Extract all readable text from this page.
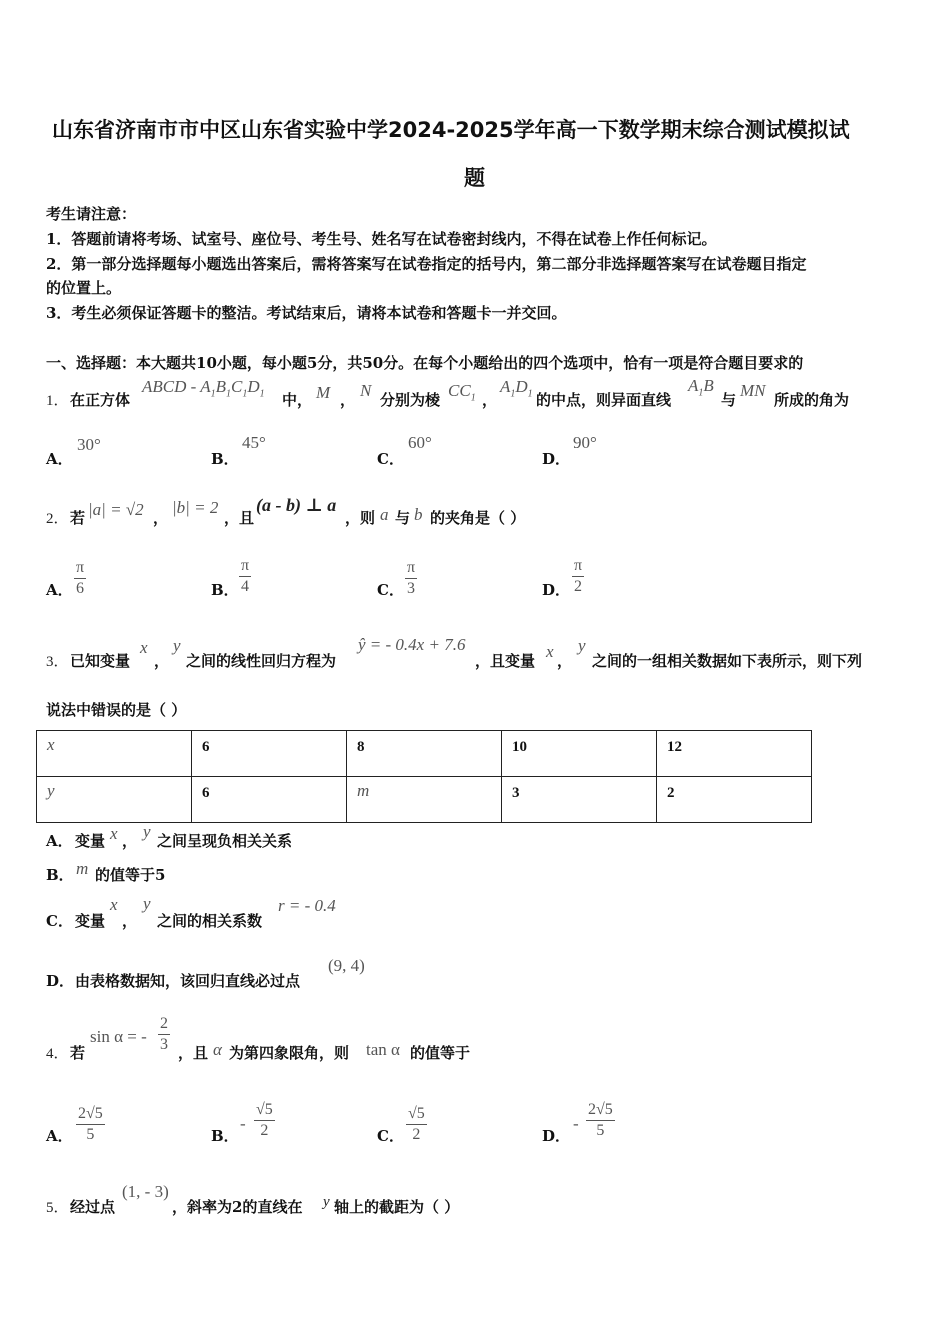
山东省济南市市中区山东省实验中学2024-2025学年高一下数学期末综合测试模拟试
题
考生请注意：
1．答题前请将考场、试室号、座位号、考生号、姓名写在试卷密封线内，不得在试卷上作任何标记。
2．第一部分选择题每小题选出答案后，需将答案写在试卷指定的括号内，第二部分非选择题答案写在试卷题目指定
的位置上。
3．考生必须保证答题卡的整洁。考试结束后，请将本试卷和答题卡一并交回。
一、选择题：本大题共10小题，每小题5分，共50分。在每个小题给出的四个选项中，恰有一项是符合题目要求的
1． 在正方体
ABCD - $A_1B_1C_1D_1$ 中， M ， N 分别为棱 $CC_1$ ，
$A_1D_1$ 的中点，则异面直线
$A_1B$
与 MN 所成的角为
A．
30°
B．
45°
C．
60°
D．
90°
2． 若 |a| = √2 ，
|b| = 2
，且
(a - b) ⊥ a
，则 a 与 b 的夹角是（ ）
A． $\frac{\pi}{6}$	B． $\frac{\pi}{4}$	C． $\frac{\pi}{3}$	D． $\frac{\pi}{2}$
3． 已知变量
x
，
y
之间的线性回归方程为
ŷ = - 0.4x + 7.6
，且变量 x ，
y
之间的一组相关数据如下表所示，则下列
说法中错误的是（ ）
x	6	8	10	12
y	6	m	3	2
A． 变量 x ， y 之间呈现负相关关系
B． m 的值等于5
C． 变量
x
，
y
之间的相关系数
r = - 0.4
D． 由表格数据知，该回归直线必过点
(9, 4)
4． 若
sin α = - $\frac{2}{3}$ ，且 α 为第四象限角，则 tan α 的值等于
A． $\frac{2√5}{5}$	B．
- $\frac{√5}{2}$	C． $\frac{√5}{2}$	D．
- $\frac{2√5}{5}$
5． 经过点
(1, - 3)
，斜率为2的直线在 y 轴上的截距为（ ）
